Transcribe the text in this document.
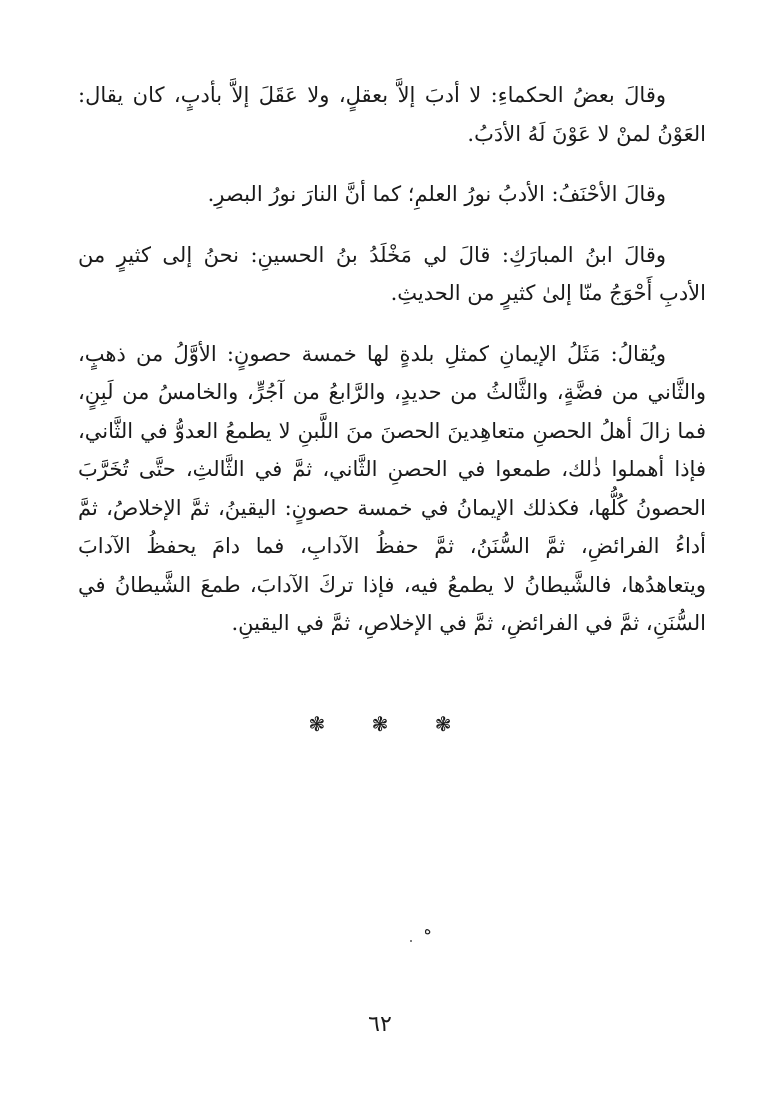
وقالَ بعضُ الحكماءِ: لا أدبَ إلاَّ بعقلٍ، ولا عَقَلَ إلاَّ بأدبٍ، كان يقال: العَوْنُ لمنْ لا عَوْنَ لَهُ الأدَبُ.

وقالَ الأحْنَفُ: الأدبُ نورُ العلمِ؛ كما أنَّ النارَ نورُ البصرِ.

وقالَ ابنُ المبارَكِ: قالَ لي مَخْلَدُ بنُ الحسينِ: نحنُ إلى كثيرٍ من الأدبِ أَحْوَجُ منّا إلىٰ كثيرٍ من الحديثِ.

ويُقالُ: مَثَلُ الإيمانِ كمثلِ بلدةٍ لها خمسة حصونٍ: الأوَّلُ من ذهبٍ، والثَّاني من فضَّةٍ، والثَّالثُ من حديدٍ، والرَّابعُ من آجُرٍّ، والخامسُ من لَبِنٍ، فما زالَ أهلُ الحصنِ متعاهِدينَ الحصنَ منَ اللَّبنِ لا يطمعُ العدوُّ في الثَّاني، فإذا أهملوا ذٰلك، طمعوا في الحصنِ الثَّاني، ثمَّ في الثَّالثِ، حتَّى تُخَرَّبَ الحصونُ كُلُّها، فكذلك الإيمانُ في خمسة حصونٍ: اليقينُ، ثمَّ الإخلاصُ، ثمَّ أداءُ الفرائضِ، ثمَّ السُّنَنُ، ثمَّ حفظُ الآدابِ، فما دامَ يحفظُ الآدابَ ويتعاهدُها، فالشَّيطانُ لا يطمعُ فيه، فإذا تركَ الآدابَ، طمعَ الشَّيطانُ في السُّنَنِ، ثمَّ في الفرائضِ، ثمَّ في الإخلاصِ، ثمَّ في اليقينِ.

❃ ❃ ❃
ه
٦٢
